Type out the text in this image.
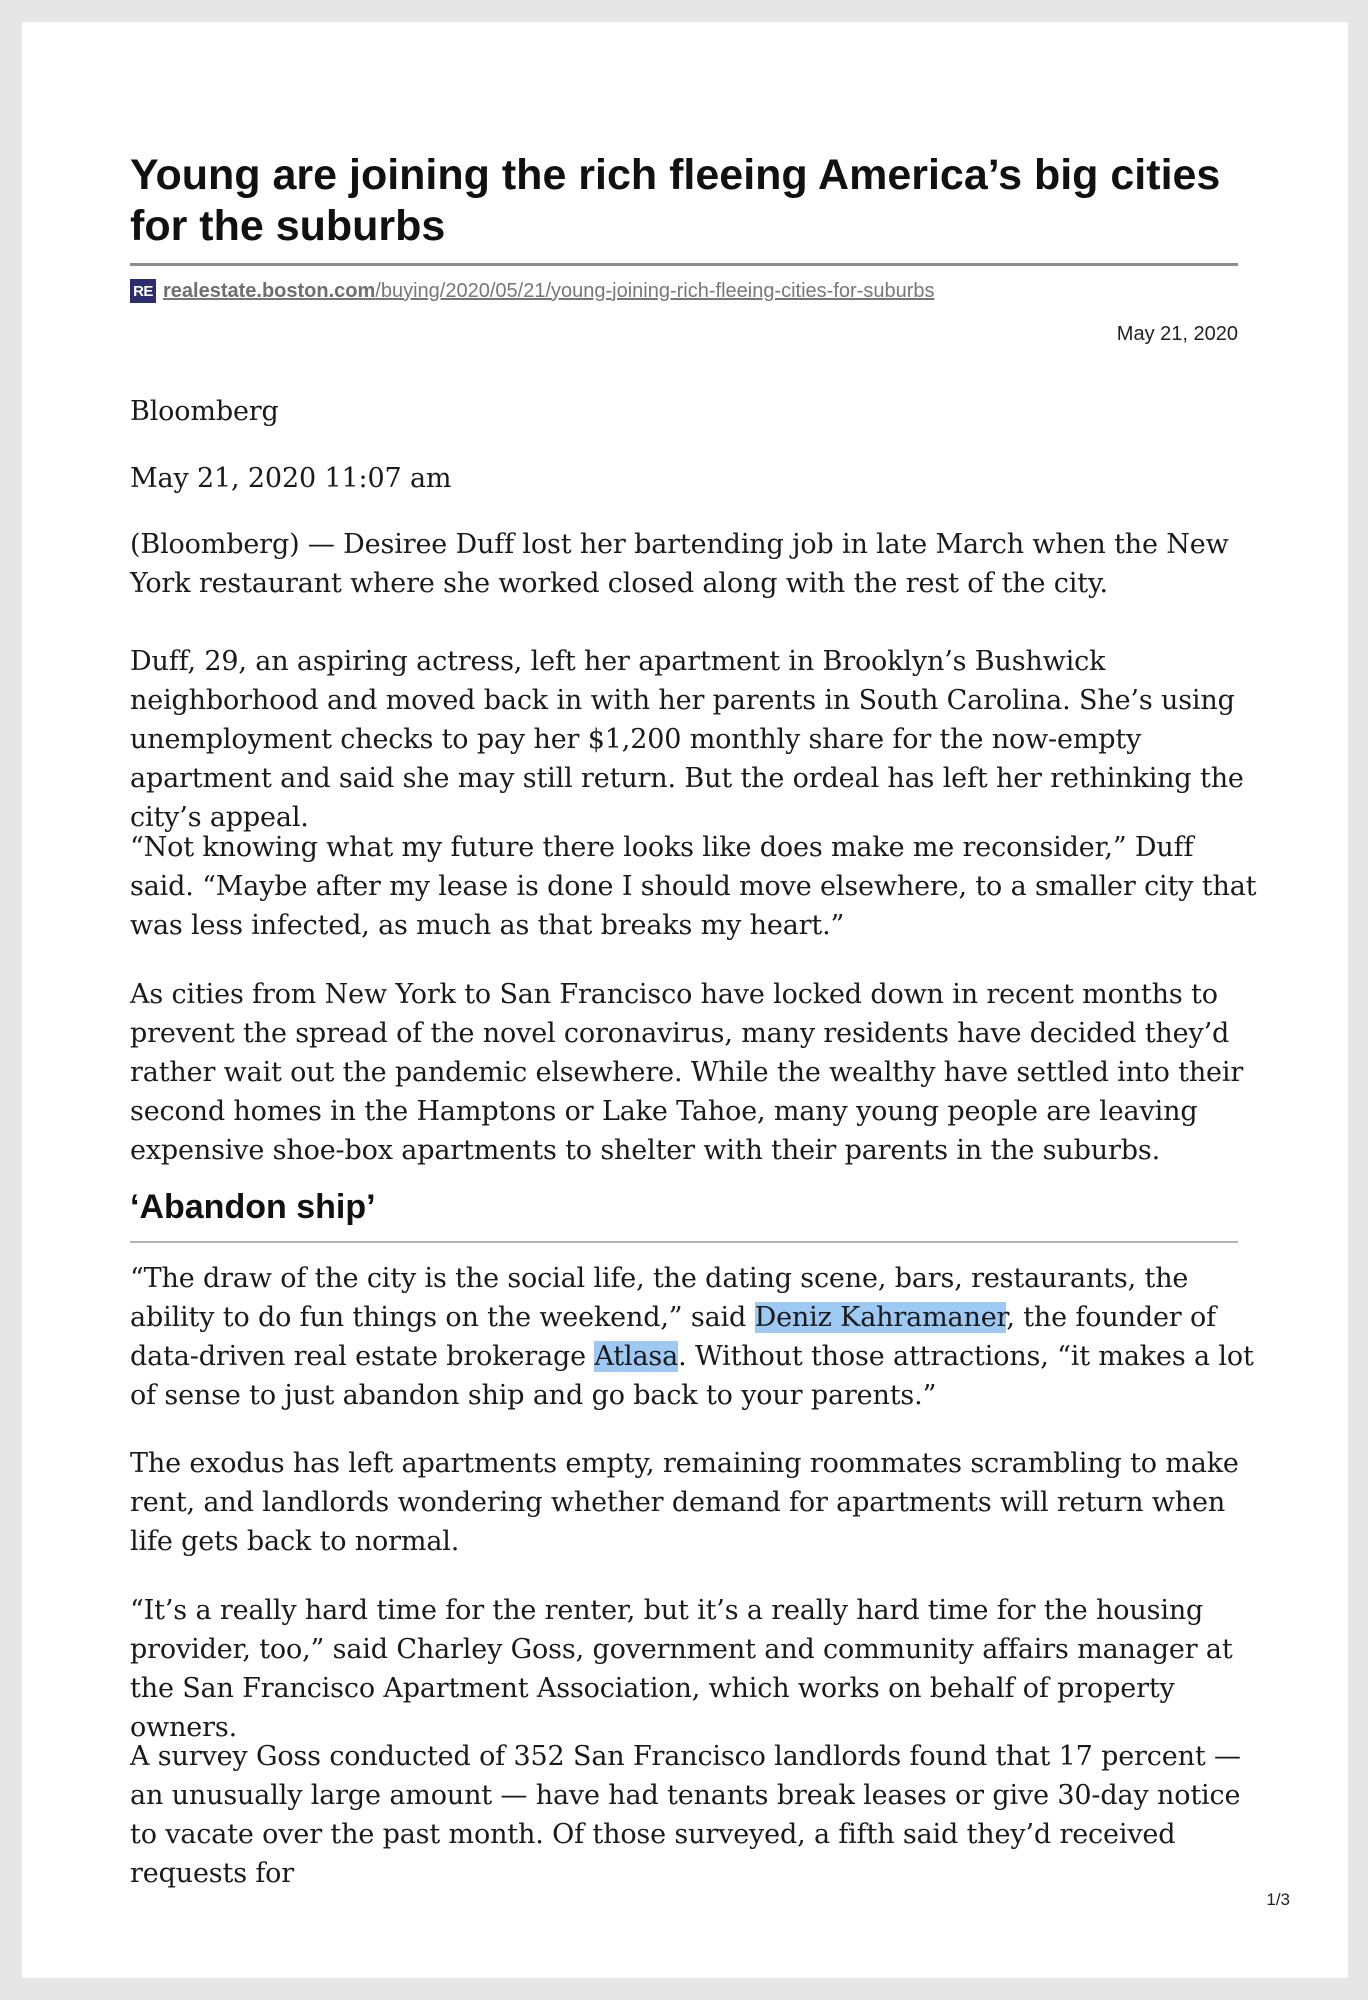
Young are joining the rich fleeing America’s big cities for the suburbs
RE realestate.boston.com/buying/2020/05/21/young-joining-rich-fleeing-cities-for-suburbs
May 21, 2020

Bloomberg

May 21, 2020 11:07 am

(Bloomberg) — Desiree Duff lost her bartending job in late March when the New York restaurant where she worked closed along with the rest of the city.

Duff, 29, an aspiring actress, left her apartment in Brooklyn’s Bushwick neighborhood and moved back in with her parents in South Carolina. She’s using unemployment checks to pay her $1,200 monthly share for the now-empty apartment and said she may still return. But the ordeal has left her rethinking the city’s appeal.

“Not knowing what my future there looks like does make me reconsider,” Duff said. “Maybe after my lease is done I should move elsewhere, to a smaller city that was less infected, as much as that breaks my heart.”

As cities from New York to San Francisco have locked down in recent months to prevent the spread of the novel coronavirus, many residents have decided they’d rather wait out the pandemic elsewhere. While the wealthy have settled into their second homes in the Hamptons or Lake Tahoe, many young people are leaving expensive shoe-box apartments to shelter with their parents in the suburbs.

‘Abandon ship’

“The draw of the city is the social life, the dating scene, bars, restaurants, the ability to do fun things on the weekend,” said Deniz Kahramaner, the founder of data-driven real estate brokerage Atlasa. Without those attractions, “it makes a lot of sense to just abandon ship and go back to your parents.”

The exodus has left apartments empty, remaining roommates scrambling to make rent, and landlords wondering whether demand for apartments will return when life gets back to normal.

“It’s a really hard time for the renter, but it’s a really hard time for the housing provider, too,” said Charley Goss, government and community affairs manager at the San Francisco Apartment Association, which works on behalf of property owners.

A survey Goss conducted of 352 San Francisco landlords found that 17 percent — an unusually large amount — have had tenants break leases or give 30-day notice to vacate over the past month. Of those surveyed, a fifth said they’d received requests for

1/3
